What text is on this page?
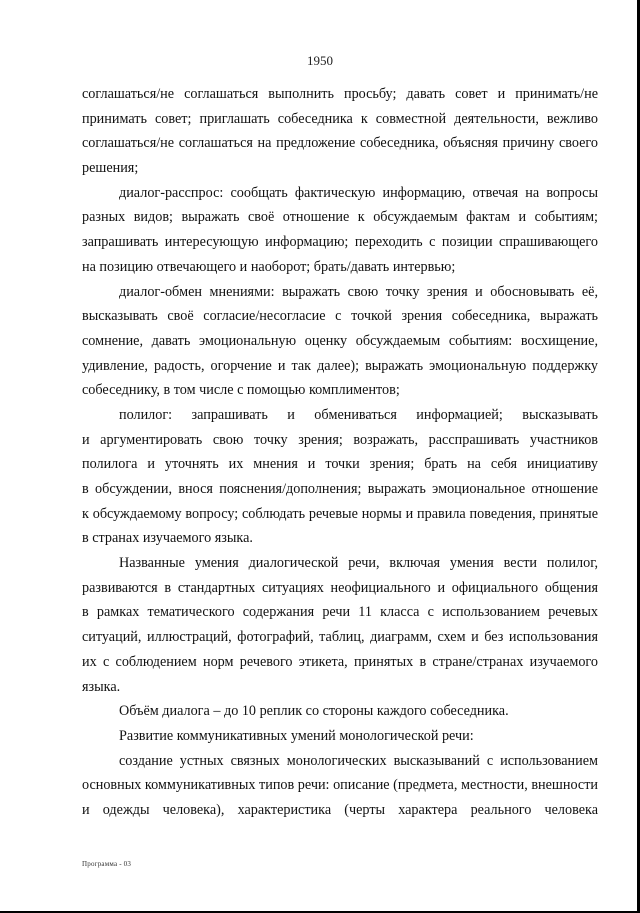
1950
соглашаться/не соглашаться выполнить просьбу; давать совет и принимать/не
принимать совет; приглашать собеседника к совместной деятельности, вежливо
соглашаться/не соглашаться на предложение собеседника, объясняя причину своего
решения;
диалог-расспрос: сообщать фактическую информацию, отвечая на вопросы
разных видов; выражать своё отношение к обсуждаемым фактам и событиям;
запрашивать интересующую информацию; переходить с позиции спрашивающего
на позицию отвечающего и наоборот; брать/давать интервью;
диалог-обмен мнениями: выражать свою точку зрения и обосновывать её,
высказывать своё согласие/несогласие с точкой зрения собеседника, выражать
сомнение, давать эмоциональную оценку обсуждаемым событиям: восхищение,
удивление, радость, огорчение и так далее); выражать эмоциональную поддержку
собеседнику, в том числе с помощью комплиментов;
полилог: запрашивать и обмениваться информацией; высказывать
и аргументировать свою точку зрения; возражать, расспрашивать участников
полилога и уточнять их мнения и точки зрения; брать на себя инициативу
в обсуждении, внося пояснения/дополнения; выражать эмоциональное отношение
к обсуждаемому вопросу; соблюдать речевые нормы и правила поведения, принятые
в странах изучаемого языка.
Названные умения диалогической речи, включая умения вести полилог,
развиваются в стандартных ситуациях неофициального и официального общения
в рамках тематического содержания речи 11 класса с использованием речевых
ситуаций, иллюстраций, фотографий, таблиц, диаграмм, схем и без использования
их с соблюдением норм речевого этикета, принятых в стране/странах изучаемого
языка.
Объём диалога – до 10 реплик со стороны каждого собеседника.
Развитие коммуникативных умений монологической речи:
создание устных связных монологических высказываний с использованием
основных коммуникативных типов речи: описание (предмета, местности, внешности
и одежды человека), характеристика (черты характера реального человека
Программа - 03
